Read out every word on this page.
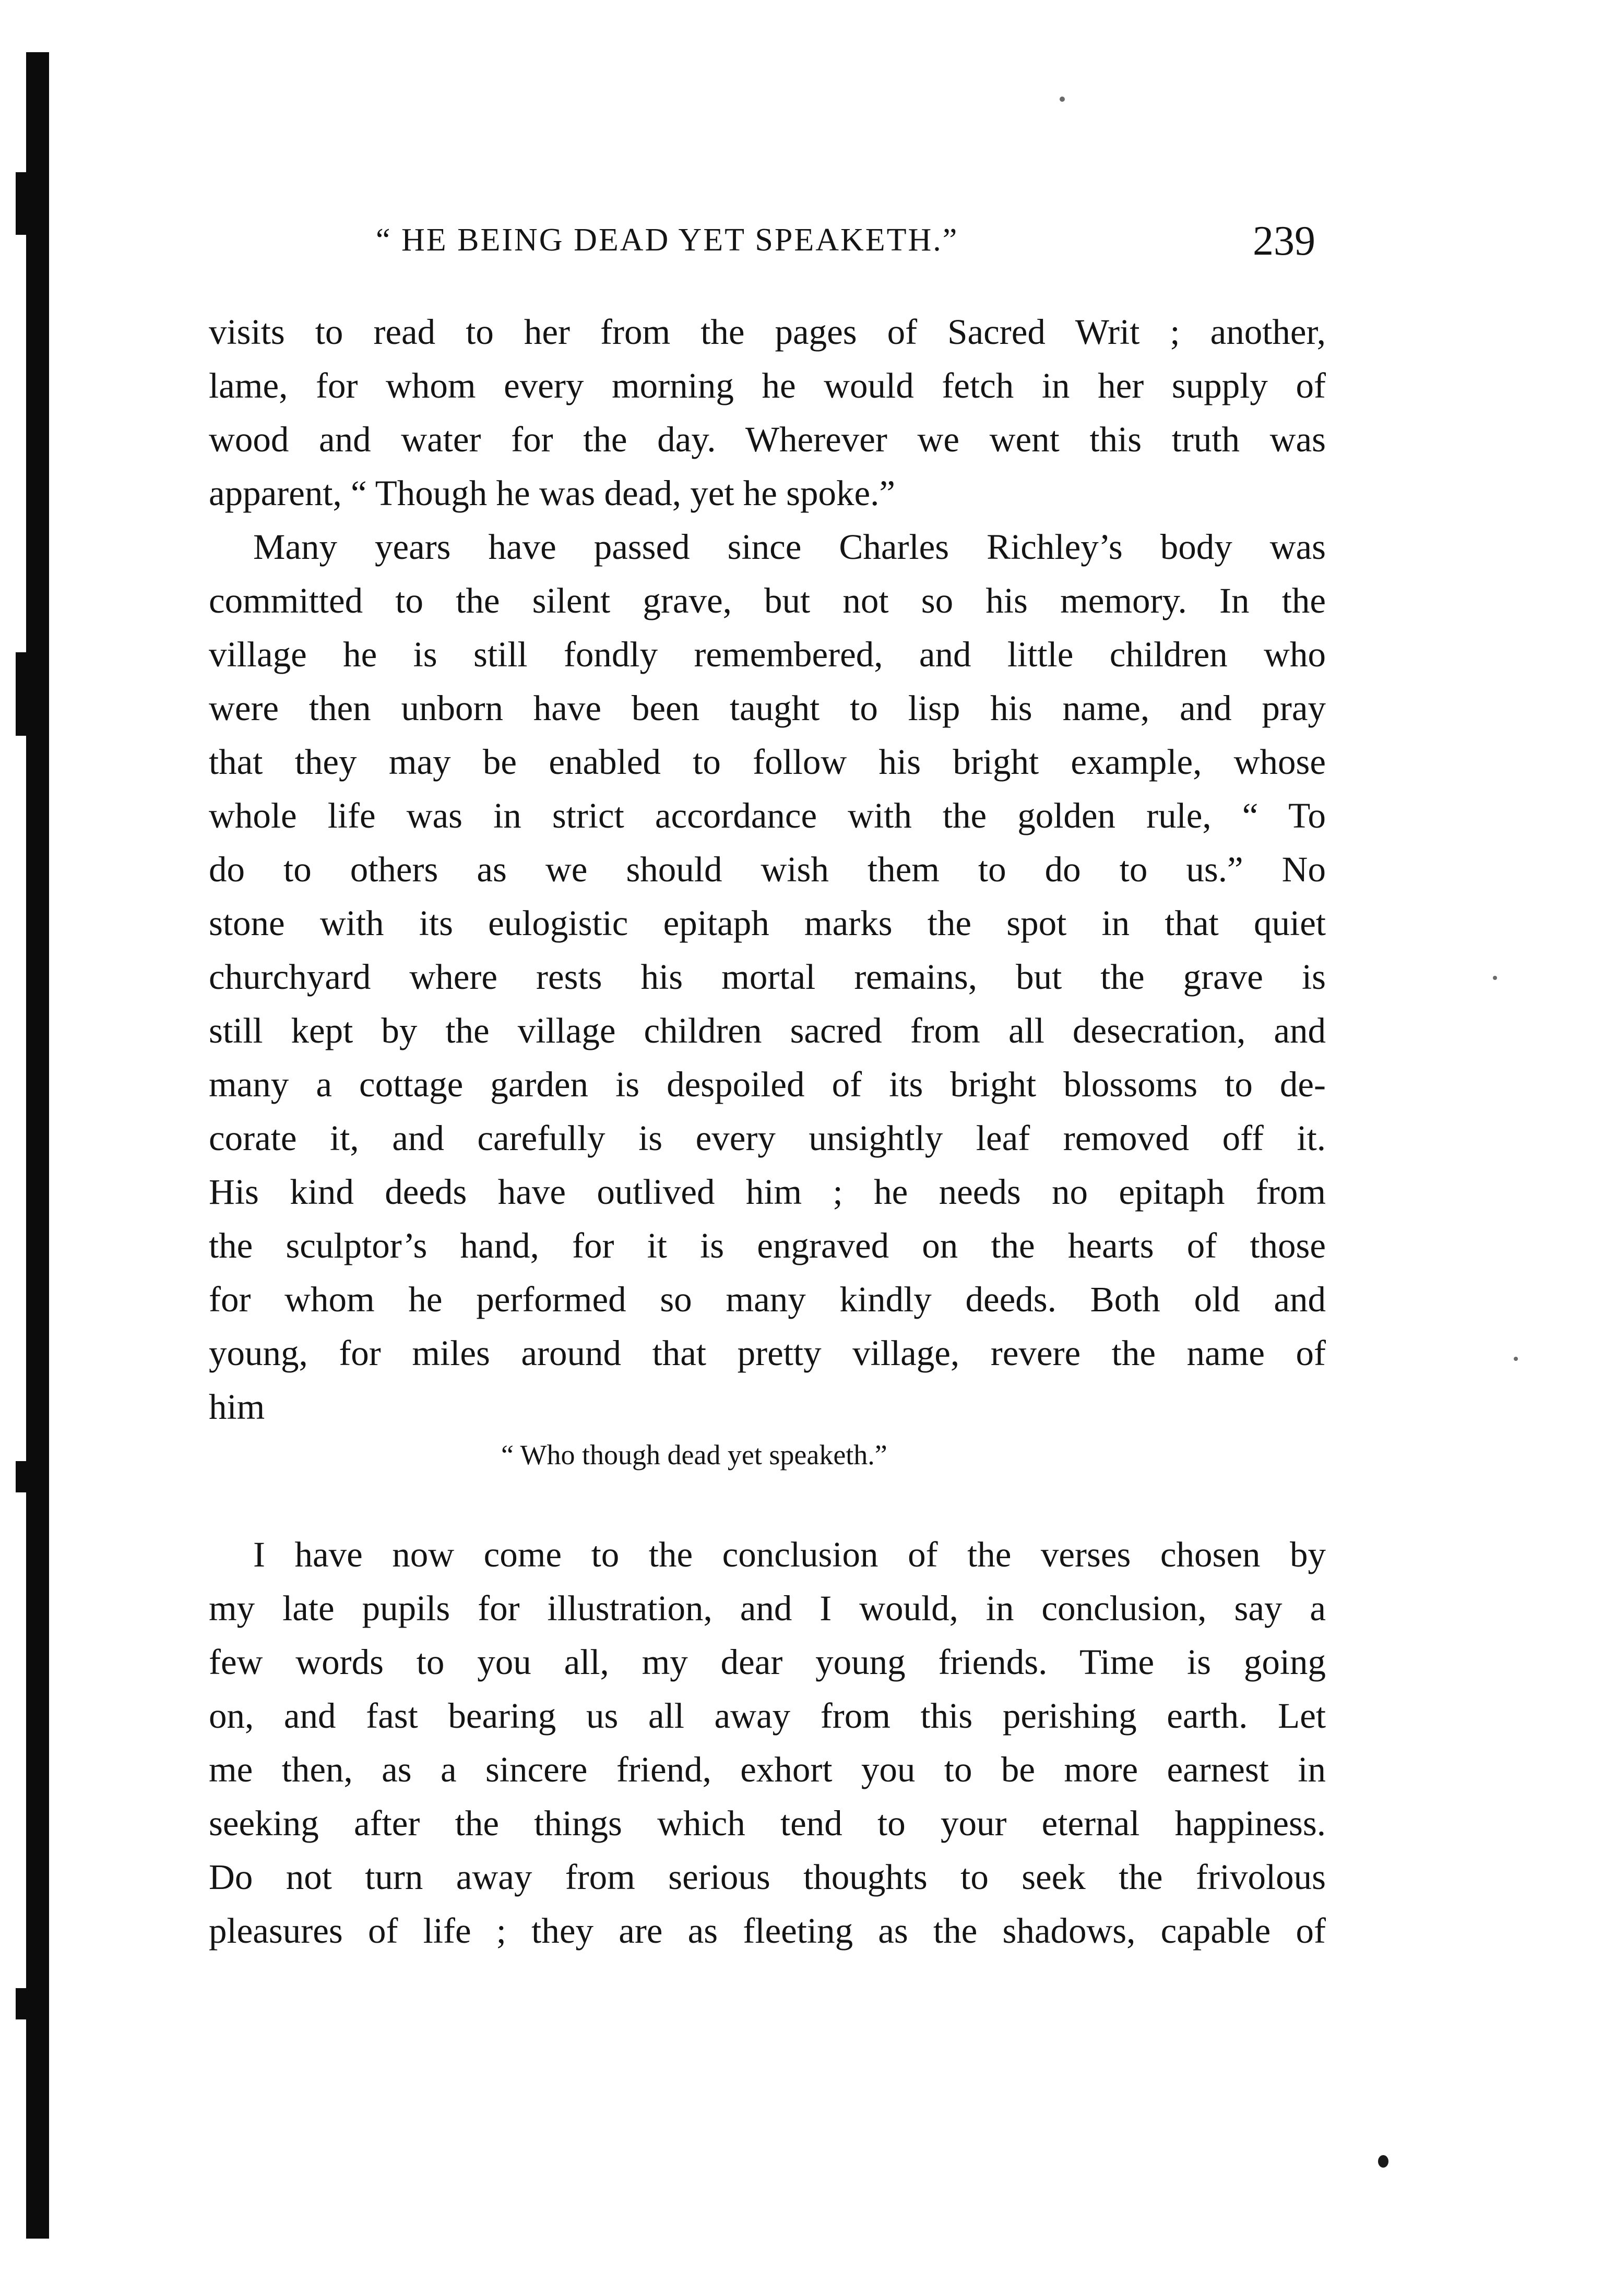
“ HE BEING DEAD YET SPEAKETH.”	239
visits to read to her from the pages of Sacred Writ ; another,
lame, for whom every morning he would fetch in her supply of
wood and water for the day. Wherever we went this truth was
apparent, “ Though he was dead, yet he spoke.”
Many years have passed since Charles Richley’s body was
committed to the silent grave, but not so his memory. In the
village he is still fondly remembered, and little children who
were then unborn have been taught to lisp his name, and pray
that they may be enabled to follow his bright example, whose
whole life was in strict accordance with the golden rule, “ To
do to others as we should wish them to do to us.” No
stone with its eulogistic epitaph marks the spot in that quiet
churchyard where rests his mortal remains, but the grave is
still kept by the village children sacred from all desecration, and
many a cottage garden is despoiled of its bright blossoms to de-
corate it, and carefully is every unsightly leaf removed off it.
His kind deeds have outlived him ; he needs no epitaph from
the sculptor’s hand, for it is engraved on the hearts of those
for whom he performed so many kindly deeds. Both old and
young, for miles around that pretty village, revere the name of
him
“ Who though dead yet speaketh.”
I have now come to the conclusion of the verses chosen by
my late pupils for illustration, and I would, in conclusion, say a
few words to you all, my dear young friends. Time is going
on, and fast bearing us all away from this perishing earth. Let
me then, as a sincere friend, exhort you to be more earnest in
seeking after the things which tend to your eternal happiness.
Do not turn away from serious thoughts to seek the frivolous
pleasures of life ; they are as fleeting as the shadows, capable of
